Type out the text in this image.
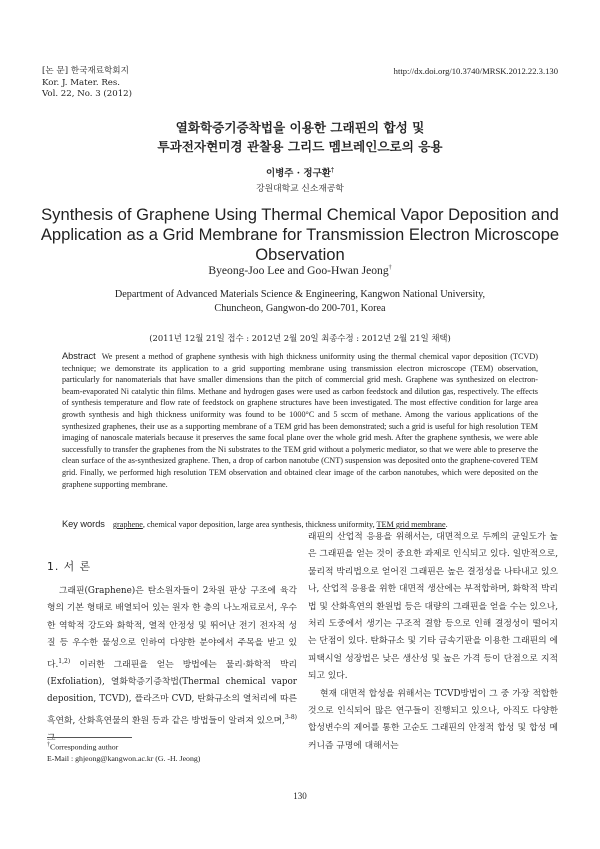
[논 문] 한국재료학회지
Kor. J. Mater. Res.
Vol. 22, No. 3 (2012)
http://dx.doi.org/10.3740/MRSK.2012.22.3.130
열화학증기증착법을 이용한 그래핀의 합성 및
투과전자현미경 관찰용 그리드 멤브레인으로의 응용
이병주 · 정구환†
강원대학교 신소재공학
Synthesis of Graphene Using Thermal Chemical Vapor Deposition and
Application as a Grid Membrane for Transmission Electron Microscope
Observation
Byeong-Joo Lee and Goo-Hwan Jeong†
Department of Advanced Materials Science & Engineering, Kangwon National University,
Chuncheon, Gangwon-do 200-701, Korea
(2011년 12월 21일 접수 : 2012년 2월 20일 최종수정 : 2012년 2월 21일 채택)
Abstract We present a method of graphene synthesis with high thickness uniformity using the thermal chemical vapor deposition (TCVD) technique; we demonstrate its application to a grid supporting membrane using transmission electron microscope (TEM) observation, particularly for nanomaterials that have smaller dimensions than the pitch of commercial grid mesh. Graphene was synthesized on electron-beam-evaporated Ni catalytic thin films. Methane and hydrogen gases were used as carbon feedstock and dilution gas, respectively. The effects of synthesis temperature and flow rate of feedstock on graphene structures have been investigated. The most effective condition for large area growth synthesis and high thickness uniformity was found to be 1000°C and 5 sccm of methane. Among the various applications of the synthesized graphenes, their use as a supporting membrane of a TEM grid has been demonstrated; such a grid is useful for high resolution TEM imaging of nanoscale materials because it preserves the same focal plane over the whole grid mesh. After the graphene synthesis, we were able successfully to transfer the graphenes from the Ni substrates to the TEM grid without a polymeric mediator, so that we were able to preserve the clean surface of the as-synthesized graphene. Then, a drop of carbon nanotube (CNT) suspension was deposited onto the graphene-covered TEM grid. Finally, we performed high resolution TEM observation and obtained clear image of the carbon nanotubes, which were deposited on the graphene supporting membrane.
Key words graphene, chemical vapor deposition, large area synthesis, thickness uniformity, TEM grid membrane.
1. 서 론

그래핀(Graphene)은 탄소원자들이 2차원 판상 구조에 육각형의 기본 형태로 배열되어 있는 원자 한 층의 나노재료로서, 우수한 역학적 강도와 화학적, 열적 안정성 및 뛰어난 전기 전자적 성질 등 우수한 물성으로 인하여 다양한 분야에서 주목을 받고 있다.$^{1,2)}$ 이러한 그래핀을 얻는 방법에는 물리·화학적 박리(Exfoliation), 열화학증기증착법(Thermal chemical vapor deposition, TCVD), 플라즈마 CVD, 탄화규소의 열처리에 따른 흑연화, 산화흑연물의 환원 등과 같은 방법들이 알려져 있으며,$^{3-8)}$ 그

래핀의 산업적 응용을 위해서는, 대면적으로 두께의 균일도가 높은 그래핀을 얻는 것이 중요한 과제로 인식되고 있다. 일반적으로, 물리적 박리법으로 얻어진 그래핀은 높은 결정성을 나타내고 있으나, 산업적 응용을 위한 대면적 생산에는 부적합하며, 화학적 박리법 및 산화흑연의 환원법 등은 대량의 그래핀을 얻을 수는 있으나, 처리 도중에서 생기는 구조적 결함 등으로 인해 결정성이 떨어지는 단점이 있다. 탄화규소 및 기타 금속기판을 이용한 그래핀의 에피택시얼 성장법은 낮은 생산성 및 높은 가격 등이 단점으로 지적되고 있다.

현재 대면적 합성을 위해서는 TCVD방법이 그 중 가장 적합한 것으로 인식되어 많은 연구들이 진행되고 있으나, 아직도 다양한 합성변수의 제어를 통한 고순도 그래핀의 안정적 합성 및 합성 메커니즘 규명에 대해서는

†Corresponding author
E-Mail : ghjeong@kangwon.ac.kr (G. -H. Jeong)
130
